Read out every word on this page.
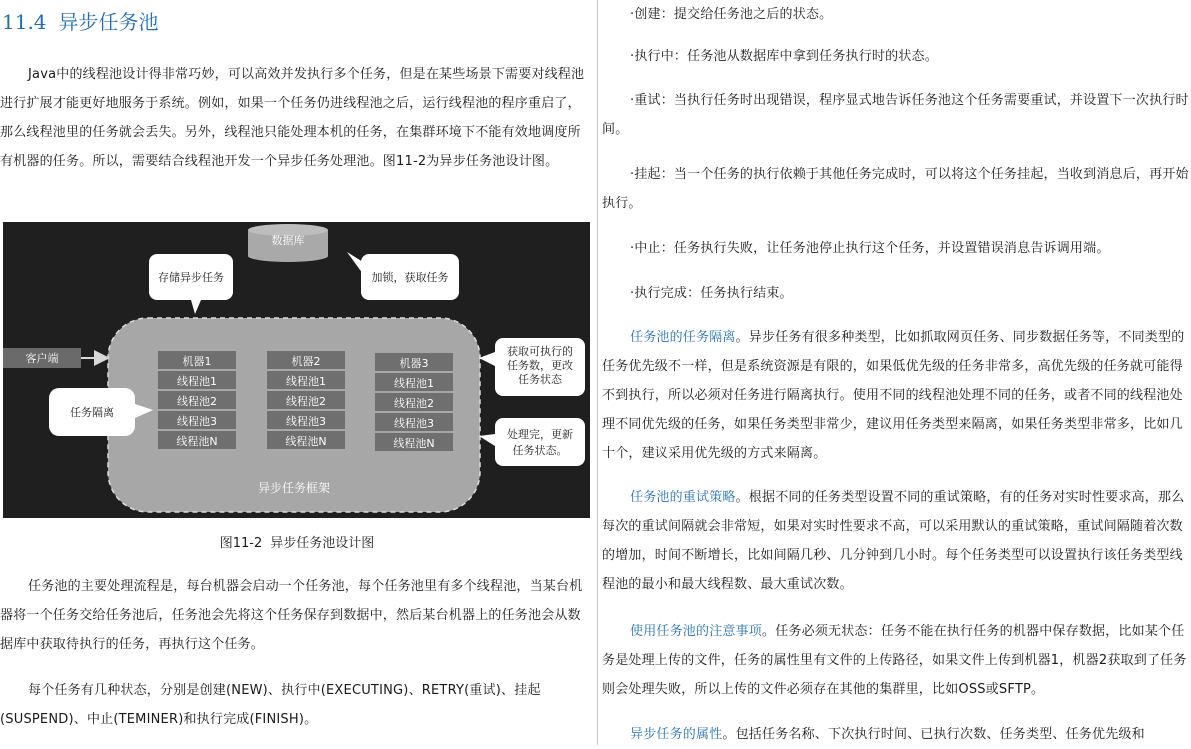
11.4 异步任务池

Java中的线程池设计得非常巧妙，可以高效并发执行多个任务，但是在某些场景下需要对线程池进行扩展才能更好地服务于系统。例如，如果一个任务仍进线程池之后，运行线程池的程序重启了，那么线程池里的任务就会丢失。另外，线程池只能处理本机的任务，在集群环境下不能有效地调度所有机器的任务。所以，需要结合线程池开发一个异步任务处理池。图11-2为异步任务池设计图。

异步任务框架
数据库
存储异步任务	加锁，获取任务
客户端
任务隔离
获取可执行的
任务数，更改
任务状态
处理完，更新
任务状态。
机器1
线程池1
线程池2
线程池3
线程池N
机器2
线程池1
线程池2
线程池3
线程池N
机器3
线程池1
线程池2
线程池3
线程池N
图11-2 异步任务池设计图

任务池的主要处理流程是，每台机器会启动一个任务池，每个任务池里有多个线程池，当某台机器将一个任务交给任务池后，任务池会先将这个任务保存到数据中，然后某台机器上的任务池会从数据库中获取待执行的任务，再执行这个任务。

每个任务有几种状态，分别是创建(NEW)、执行中(EXECUTING)、RETRY(重试)、挂起(SUSPEND)、中止(TEMINER)和执行完成(FINISH)。

·创建：提交给任务池之后的状态。

·执行中：任务池从数据库中拿到任务执行时的状态。

·重试：当执行任务时出现错误，程序显式地告诉任务池这个任务需要重试，并设置下一次执行时间。

·挂起：当一个任务的执行依赖于其他任务完成时，可以将这个任务挂起，当收到消息后，再开始执行。

·中止：任务执行失败，让任务池停止执行这个任务，并设置错误消息告诉调用端。

·执行完成：任务执行结束。

任务池的任务隔离。异步任务有很多种类型，比如抓取网页任务、同步数据任务等，不同类型的任务优先级不一样，但是系统资源是有限的，如果低优先级的任务非常多，高优先级的任务就可能得不到执行，所以必须对任务进行隔离执行。使用不同的线程池处理不同的任务，或者不同的线程池处理不同优先级的任务，如果任务类型非常少，建议用任务类型来隔离，如果任务类型非常多，比如几十个，建议采用优先级的方式来隔离。

任务池的重试策略。根据不同的任务类型设置不同的重试策略，有的任务对实时性要求高，那么每次的重试间隔就会非常短，如果对实时性要求不高，可以采用默认的重试策略，重试间隔随着次数的增加，时间不断增长，比如间隔几秒、几分钟到几小时。每个任务类型可以设置执行该任务类型线程池的最小和最大线程数、最大重试次数。

使用任务池的注意事项。任务必须无状态：任务不能在执行任务的机器中保存数据，比如某个任务是处理上传的文件，任务的属性里有文件的上传路径，如果文件上传到机器1，机器2获取到了任务则会处理失败，所以上传的文件必须存在其他的集群里，比如OSS或SFTP。

异步任务的属性。包括任务名称、下次执行时间、已执行次数、任务类型、任务优先级和
